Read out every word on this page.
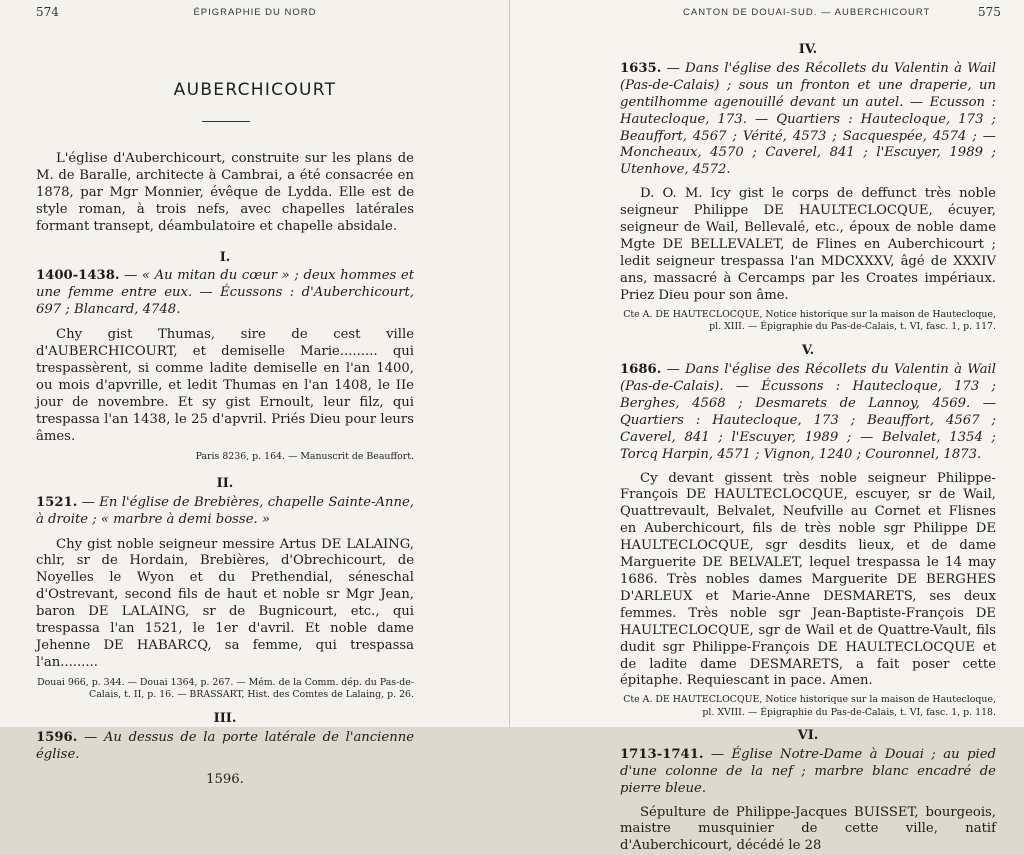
574	ÉPIGRAPHIE DU NORD
AUBERCHICOURT

L'église d'Auberchicourt, construite sur les plans de M. de Baralle, architecte à Cambrai, a été consacrée en 1878, par Mgr Monnier, évêque de Lydda. Elle est de style roman, à trois nefs, avec chapelles latérales formant transept, déambulatoire et chapelle absidale.

I.

1400-1438. — « Au mitan du cœur » ; deux hommes et une femme entre eux. — Écussons : d'Auberchicourt, 697 ; Blancard, 4748.

Chy gist Thumas, sire de cest ville d'AUBERCHICOURT, et demiselle Marie......... qui trespassèrent, si comme ladite demiselle en l'an 1400, ou mois d'apvrille, et ledit Thumas en l'an 1408, le IIe jour de novembre. Et sy gist Ernoult, leur filz, qui trespassa l'an 1438, le 25 d'apvril. Priés Dieu pour leurs âmes.

Paris 8236, p. 164. — Manuscrit de Beauffort.

II.

1521. — En l'église de Brebières, chapelle Sainte-Anne, à droite ; « marbre à demi bosse. »

Chy gist noble seigneur messire Artus DE LALAING, chlr, sr de Hordain, Brebières, d'Obrechicourt, de Noyelles le Wyon et du Prethendial, séneschal d'Ostrevant, second fils de haut et noble sr Mgr Jean, baron DE LALAING, sr de Bugnicourt, etc., qui trespassa l'an 1521, le 1er d'avril. Et noble dame Jehenne DE HABARCQ, sa femme, qui trespassa l'an.........

Douai 966, p. 344. — Douai 1364, p. 267. — Mém. de la Comm. dép. du Pas-de-Calais, t. II, p. 16. — BRASSART, Hist. des Comtes de Lalaing, p. 26.

III.

1596. — Au dessus de la porte latérale de l'ancienne église.

1596.

CANTON DE DOUAI-SUD. — AUBERCHICOURT	575

IV.

1635. — Dans l'église des Récollets du Valentin à Wail (Pas-de-Calais) ; sous un fronton et une draperie, un gentilhomme agenouillé devant un autel. — Ecusson : Hautecloque, 173. — Quartiers : Hautecloque, 173 ; Beauffort, 4567 ; Vérité, 4573 ; Sacquespée, 4574 ; — Moncheaux, 4570 ; Caverel, 841 ; l'Escuyer, 1989 ; Utenhove, 4572.

D. O. M. Icy gist le corps de deffunct très noble seigneur Philippe DE HAULTECLOCQUE, écuyer, seigneur de Wail, Bellevalé, etc., époux de noble dame Mgte DE BELLEVALET, de Flines en Auberchicourt ; ledit seigneur trespassa l'an MDCXXXV, âgé de XXXIV ans, massacré à Cercamps par les Croates impériaux. Priez Dieu pour son âme.

Cte A. DE HAUTECLOCQUE, Notice historique sur la maison de Hautecloque, pl. XIII. — Épigraphie du Pas-de-Calais, t. VI, fasc. 1, p. 117.

V.

1686. — Dans l'église des Récollets du Valentin à Wail (Pas-de-Calais). — Écussons : Hautecloque, 173 ; Berghes, 4568 ; Desmarets de Lannoy, 4569. — Quartiers : Hautecloque, 173 ; Beauffort, 4567 ; Caverel, 841 ; l'Escuyer, 1989 ; — Belvalet, 1354 ; Torcq Harpin, 4571 ; Vignon, 1240 ; Couronnel, 1873.

Cy devant gissent très noble seigneur Philippe-François DE HAULTECLOCQUE, escuyer, sr de Wail, Quattrevault, Belvalet, Neufville au Cornet et Flisnes en Auberchicourt, fils de très noble sgr Philippe DE HAULTECLOCQUE, sgr desdits lieux, et de dame Marguerite DE BELVALET, lequel trespassa le 14 may 1686. Très nobles dames Marguerite DE BERGHES D'ARLEUX et Marie-Anne DESMARETS, ses deux femmes. Très noble sgr Jean-Baptiste-François DE HAULTECLOCQUE, sgr de Wail et de Quattre-Vault, fils dudit sgr Philippe-François DE HAULTECLOCQUE et de ladite dame DESMARETS, a fait poser cette épitaphe. Requiescant in pace. Amen.

Cte A. DE HAUTECLOCQUE, Notice historique sur la maison de Hautecloque, pl. XVIII. — Épigraphie du Pas-de-Calais, t. VI, fasc. 1, p. 118.

VI.

1713-1741. — Église Notre-Dame à Douai ; au pied d'une colonne de la nef ; marbre blanc encadré de pierre bleue.

Sépulture de Philippe-Jacques BUISSET, bourgeois, maistre musquinier de cette ville, natif d'Auberchicourt, décédé le 28
